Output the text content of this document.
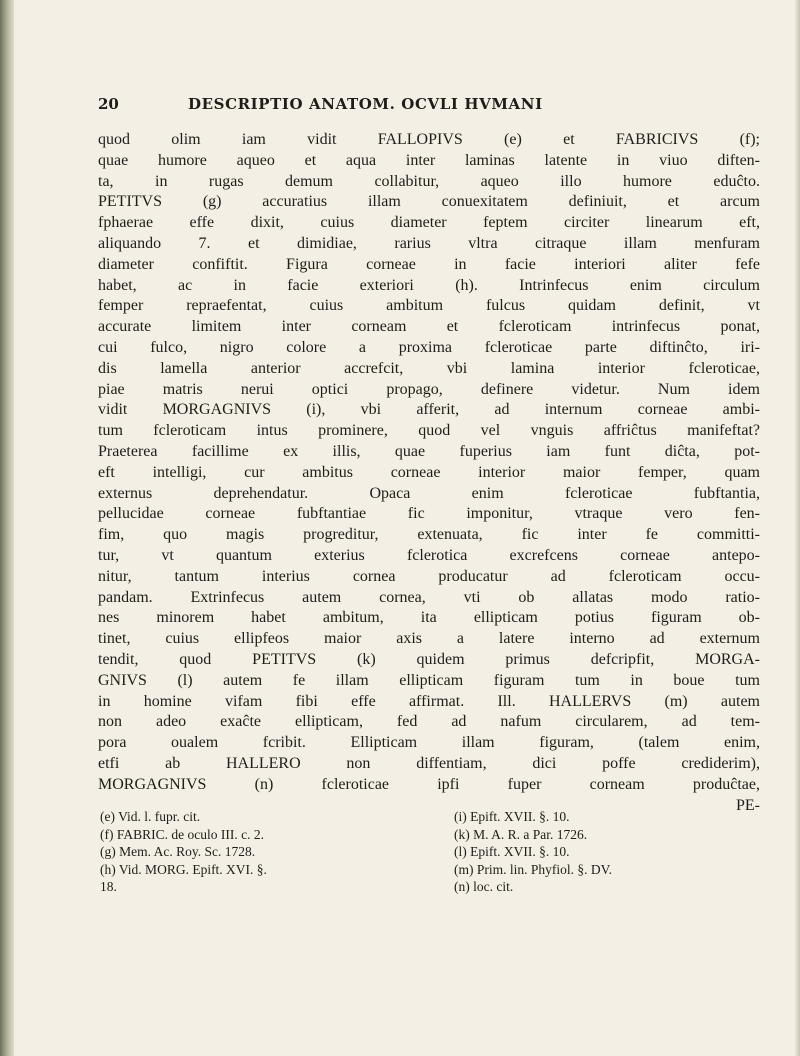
20	DESCRIPTIO ANATOM. OCVLI HVMANI
quod olim iam vidit FALLOPIVS (e) et FABRICIVS (f);
quae humore aqueo et aqua inter laminas latente in viuo diften-
ta, in rugas demum collabitur, aqueo illo humore eduĉto.
PETITVS (g) accuratius illam conuexitatem definiuit, et arcum
fphaerae effe dixit, cuius diameter feptem circiter linearum eft,
aliquando 7. et dimidiae, rarius vltra citraque illam menfuram
diameter confiftit. Figura corneae in facie interiori aliter fefe
habet, ac in facie exteriori (h). Intrinfecus enim circulum
femper repraefentat, cuius ambitum fulcus quidam definit, vt
accurate limitem inter corneam et fcleroticam intrinfecus ponat,
cui fulco, nigro colore a proxima fcleroticae parte diftinĉto, iri-
dis lamella anterior accrefcit, vbi lamina interior fcleroticae,
piae matris nerui optici propago, definere videtur. Num idem
vidit MORGAGNIVS (i), vbi afferit, ad internum corneae ambi-
tum fcleroticam intus prominere, quod vel vnguis affriĉtus manifeftat?
Praeterea facillime ex illis, quae fuperius iam funt diĉta, pot-
eft intelligi, cur ambitus corneae interior maior femper, quam
externus deprehendatur. Opaca enim fcleroticae fubftantia,
pellucidae corneae fubftantiae fic imponitur, vtraque vero fen-
fim, quo magis progreditur, extenuata, fic inter fe committi-
tur, vt quantum exterius fclerotica excrefcens corneae antepo-
nitur, tantum interius cornea producatur ad fcleroticam occu-
pandam. Extrinfecus autem cornea, vti ob allatas modo ratio-
nes minorem habet ambitum, ita ellipticam potius figuram ob-
tinet, cuius ellipfeos maior axis a latere interno ad externum
tendit, quod PETITVS (k) quidem primus defcripfit, MORGA-
GNIVS (l) autem fe illam ellipticam figuram tum in boue tum
in homine vifam fibi effe affirmat. Ill. HALLERVS (m) autem
non adeo exaĉte ellipticam, fed ad nafum circularem, ad tem-
pora oualem fcribit. Ellipticam illam figuram, (talem enim,
etfi ab HALLERO non diffentiam, dici poffe crediderim),
MORGAGNIVS (n) fcleroticae ipfi fuper corneam produĉtae,
PE-
(e) Vid. l. fupr. cit.
(f) FABRIC. de oculo III. c. 2.
(g) Mem. Ac. Roy. Sc. 1728.
(h) Vid. MORG. Epift. XVI. §.
18.
(i) Epift. XVII. §. 10.
(k) M. A. R. a Par. 1726.
(l) Epift. XVII. §. 10.
(m) Prim. lin. Phyfiol. §. DV.
(n) loc. cit.
